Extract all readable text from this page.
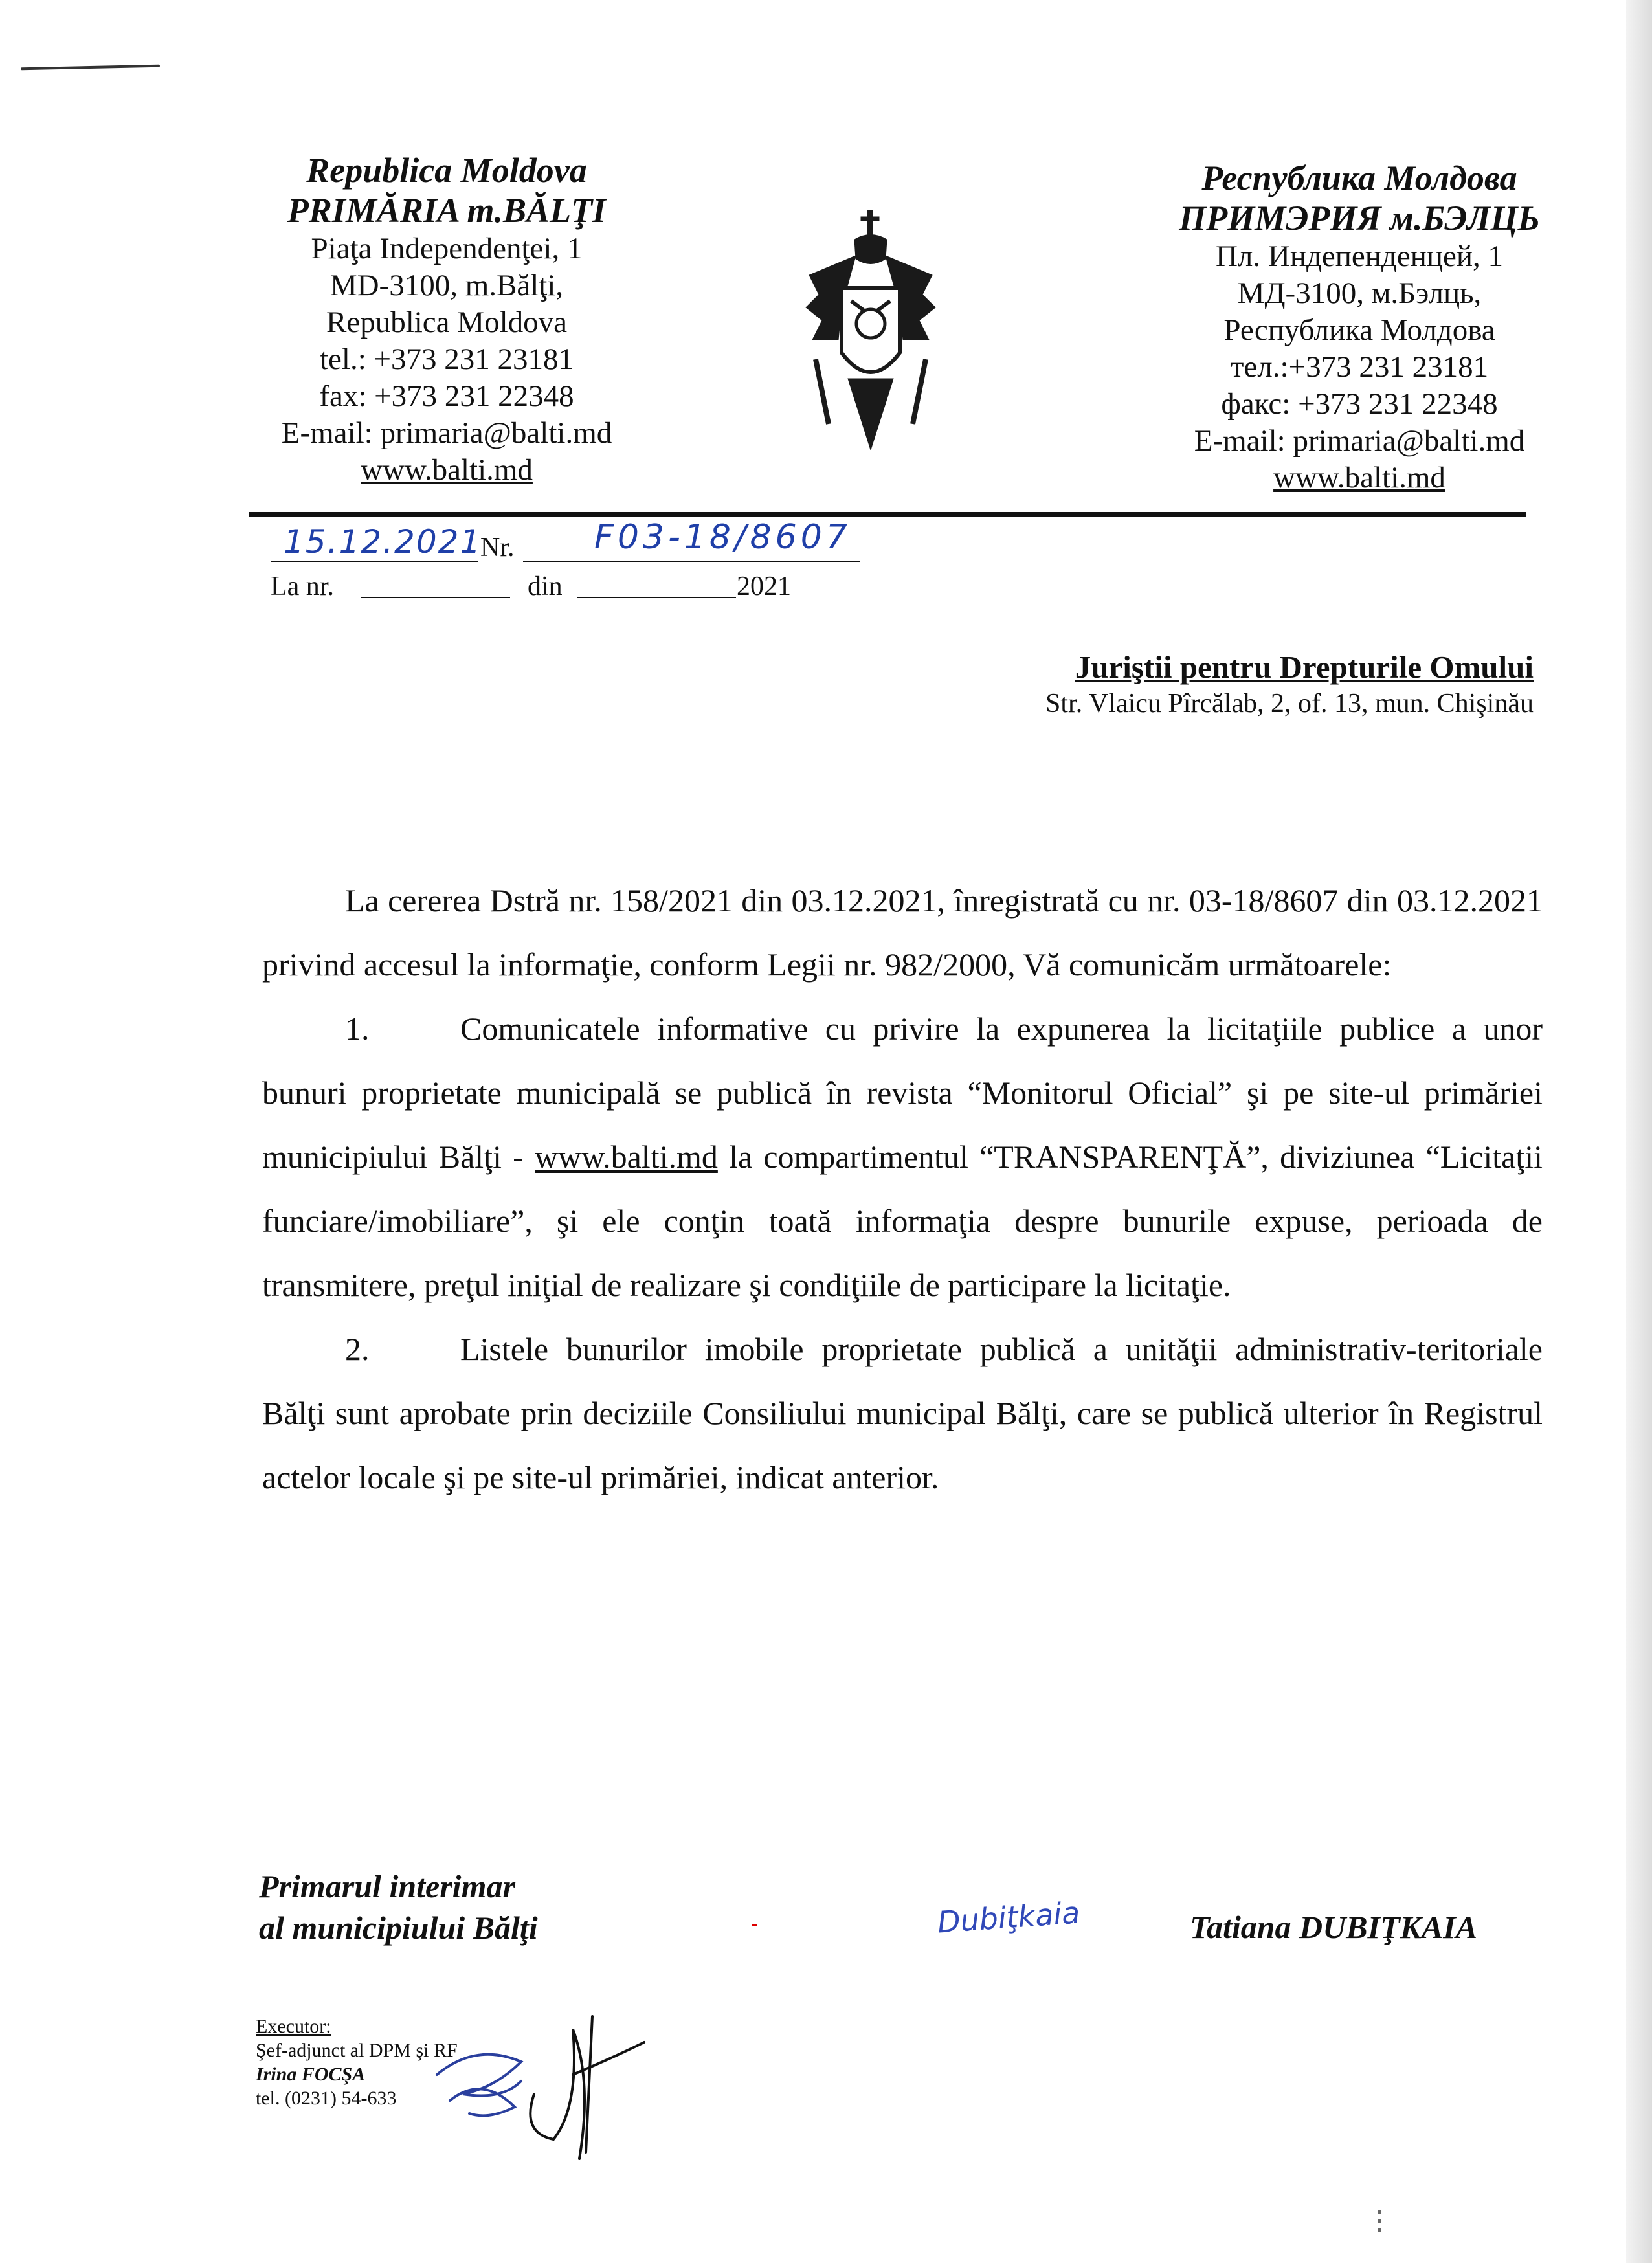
Republica Moldova
PRIMĂRIA m.BĂLŢI
Piaţa Independenţei, 1
MD-3100, m.Bălţi,
Republica Moldova
tel.: +373 231 23181
fax: +373 231 22348
E-mail: primaria@balti.md
www.balti.md
Республика Молдова
ПРИМЭРИЯ м.БЭЛЦЬ
Пл. Индепенденцей, 1
МД-3100, м.Бэлць,
Республика Молдова
тел.:+373 231 23181
факс: +373 231 22348
E-mail: primaria@balti.md
www.balti.md
15.12.2021
Nr. F03-18/8607
La nr.	din	2021
Juriştii pentru Drepturile Omului
Str. Vlaicu Pîrcălab, 2, of. 13, mun. Chişinău

La cererea Dstră nr. 158/2021 din 03.12.2021, înregistrată cu nr. 03-18/8607 din 03.12.2021 privind accesul la informaţie, conform Legii nr. 982/2000, Vă comunicăm următoarele:

1.	Comunicatele informative cu privire la expunerea la licitaţiile publice a unor bunuri proprietate municipală se publică în revista “Monitorul Oficial” şi pe site-ul primăriei municipiului Bălţi - www.balti.md la compartimentul “TRANSPARENŢĂ”, diviziunea “Licitaţii funciare/imobiliare”, şi ele conţin toată informaţia despre bunurile expuse, perioada de transmitere, preţul iniţial de realizare şi condiţiile de participare la licitaţie.

2.	Listele bunurilor imobile proprietate publică a unităţii administrativ-teritoriale Bălţi sunt aprobate prin deciziile Consiliului municipal Bălţi, care se publică ulterior în Registrul actelor locale şi pe site-ul primăriei, indicat anterior.

Primarul interimar
al municipiului Bălţi	Dubiţkaia	Tatiana DUBIŢKAIA
Executor:
Şef-adjunct al DPM şi RF
Irina FOCŞA
tel. (0231) 54-633
